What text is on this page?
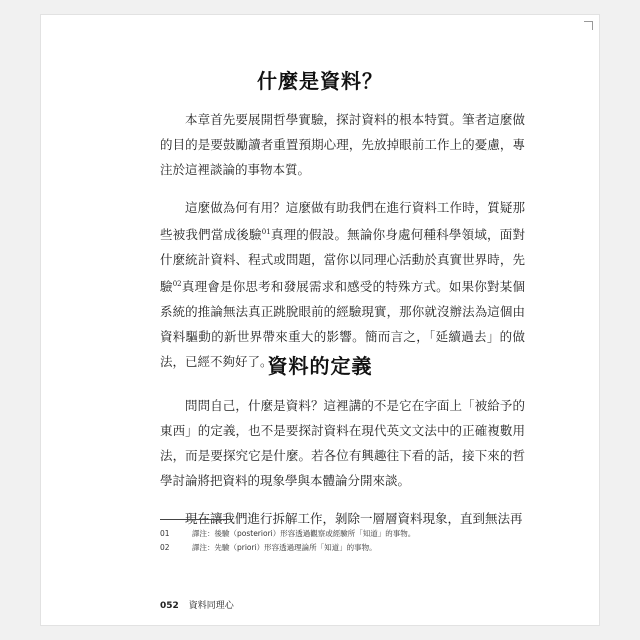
什麼是資料？

本章首先要展開哲學實驗，探討資料的根本特質。筆者這麼做的目的是要鼓勵讀者重置預期心理，先放掉眼前工作上的憂慮，專注於這裡談論的事物本質。

這麼做為何有用？這麼做有助我們在進行資料工作時，質疑那些被我們當成後驗$^{01}$真理的假設。無論你身處何種科學領域，面對什麼統計資料、程式或問題，當你以同理心活動於真實世界時，先驗$^{02}$真理會是你思考和發展需求和感受的特殊方式。如果你對某個系統的推論無法真正跳脫眼前的經驗現實，那你就沒辦法為這個由資料驅動的新世界帶來重大的影響。簡而言之，「延續過去」的做法，已經不夠好了。

資料的定義

問問自己，什麼是資料？這裡講的不是它在字面上「被給予的東西」的定義，也不是要探討資料在現代英文文法中的正確複數用法，而是要探究它是什麼。若各位有興趣往下看的話，接下來的哲學討論將把資料的現象學與本體論分開來談。

現在讓我們進行拆解工作，剝除一層層資料現象，直到無法再

01	譯注：後驗（posteriori）形容透過觀察或經驗所「知道」的事物。
02	譯注：先驗（priori）形容透過理論所「知道」的事物。
052 資料同理心
